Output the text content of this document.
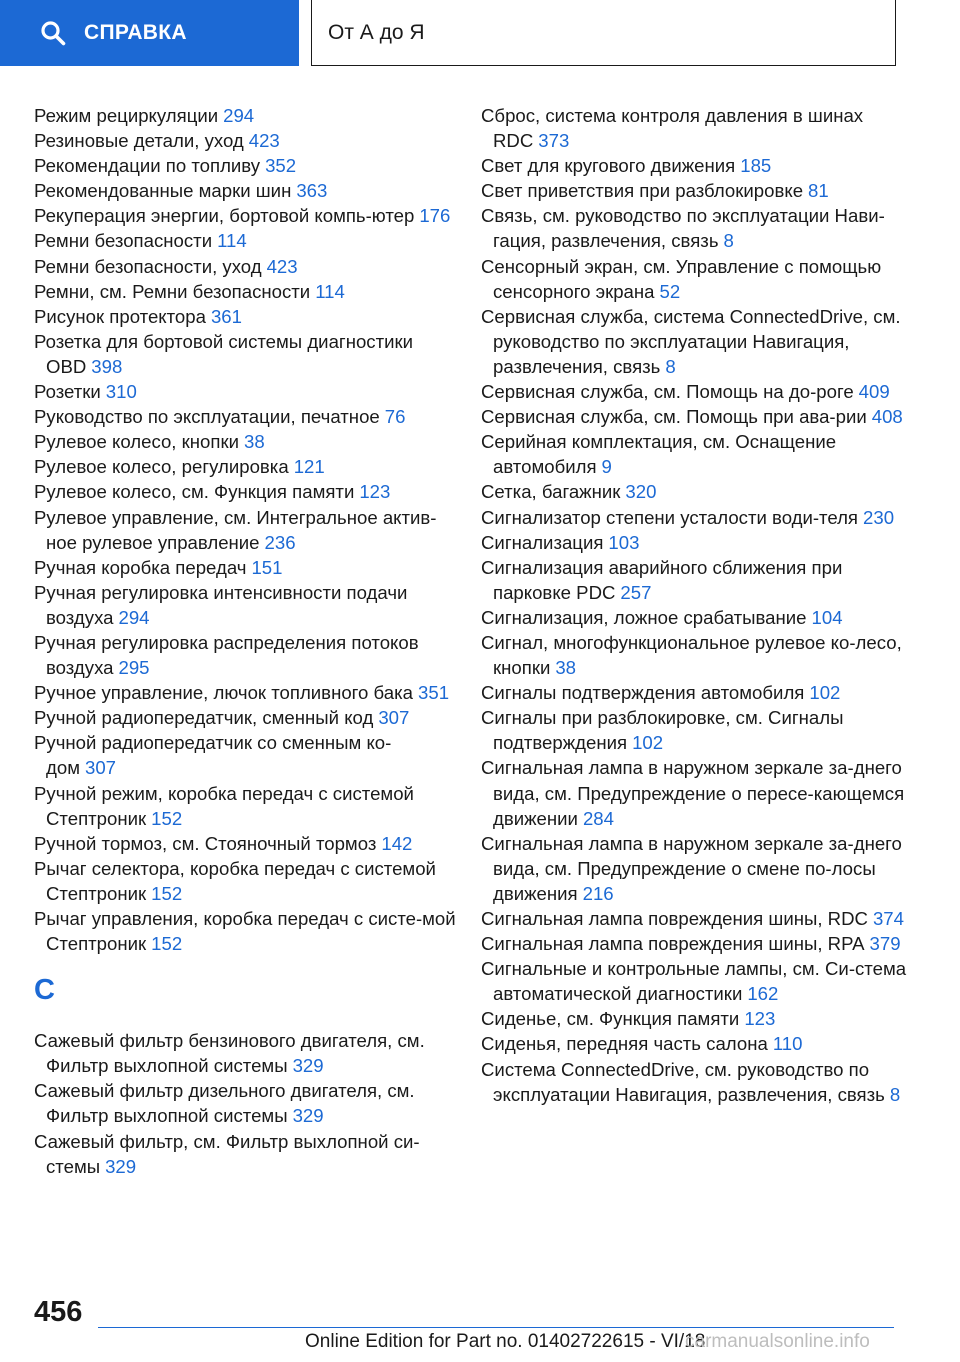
СПРАВКА	От А до Я
Режим рециркуляции 294
Резиновые детали, уход 423
Рекомендации по топливу 352
Рекомендованные марки шин 363
Рекуперация энергии, бортовой компь-ютер 176
Ремни безопасности 114
Ремни безопасности, уход 423
Ремни, см. Ремни безопасности 114
Рисунок протектора 361
Розетка для бортовой системы диагностики OBD 398
Розетки 310
Руководство по эксплуатации, печатное 76
Рулевое колесо, кнопки 38
Рулевое колесо, регулировка 121
Рулевое колесо, см. Функция памяти 123
Рулевое управление, см. Интегральное актив-ное рулевое управление 236
Ручная коробка передач 151
Ручная регулировка интенсивности подачи воздуха 294
Ручная регулировка распределения потоков воздуха 295
Ручное управление, лючок топливного бака 351
Ручной радиопередатчик, сменный код 307
Ручной радиопередатчик со сменным ко-дом 307
Ручной режим, коробка передач с системой Стептроник 152
Ручной тормоз, см. Стояночный тормоз 142
Рычаг селектора, коробка передач с системой Стептроник 152
Рычаг управления, коробка передач с систе-мой Стептроник 152
С
Сажевый фильтр бензинового двигателя, см. Фильтр выхлопной системы 329
Сажевый фильтр дизельного двигателя, см. Фильтр выхлопной системы 329
Сажевый фильтр, см. Фильтр выхлопной си-стемы 329
Сброс, система контроля давления в шинах RDC 373
Свет для кругового движения 185
Свет приветствия при разблокировке 81
Связь, см. руководство по эксплуатации Нави-гация, развлечения, связь 8
Сенсорный экран, см. Управление с помощью сенсорного экрана 52
Сервисная служба, система ConnectedDrive, см. руководство по эксплуатации Навигация, развлечения, связь 8
Сервисная служба, см. Помощь на до-роге 409
Сервисная служба, см. Помощь при ава-рии 408
Серийная комплектация, см. Оснащение автомобиля 9
Сетка, багажник 320
Сигнализатор степени усталости води-теля 230
Сигнализация 103
Сигнализация аварийного сближения при парковке PDC 257
Сигнализация, ложное срабатывание 104
Сигнал, многофункциональное рулевое ко-лесо, кнопки 38
Сигналы подтверждения автомобиля 102
Сигналы при разблокировке, см. Сигналы подтверждения 102
Сигнальная лампа в наружном зеркале за-днего вида, см. Предупреждение о пересе-кающемся движении 284
Сигнальная лампа в наружном зеркале за-днего вида, см. Предупреждение о смене по-лосы движения 216
Сигнальная лампа повреждения шины, RDC 374
Сигнальная лампа повреждения шины, RPA 379
Сигнальные и контрольные лампы, см. Си-стема автоматической диагностики 162
Сиденье, см. Функция памяти 123
Сиденья, передняя часть салона 110
Система ConnectedDrive, см. руководство по эксплуатации Навигация, развлечения, связь 8
456
Online Edition for Part no. 01402722615 - VI/18
carmanualsonline.info
